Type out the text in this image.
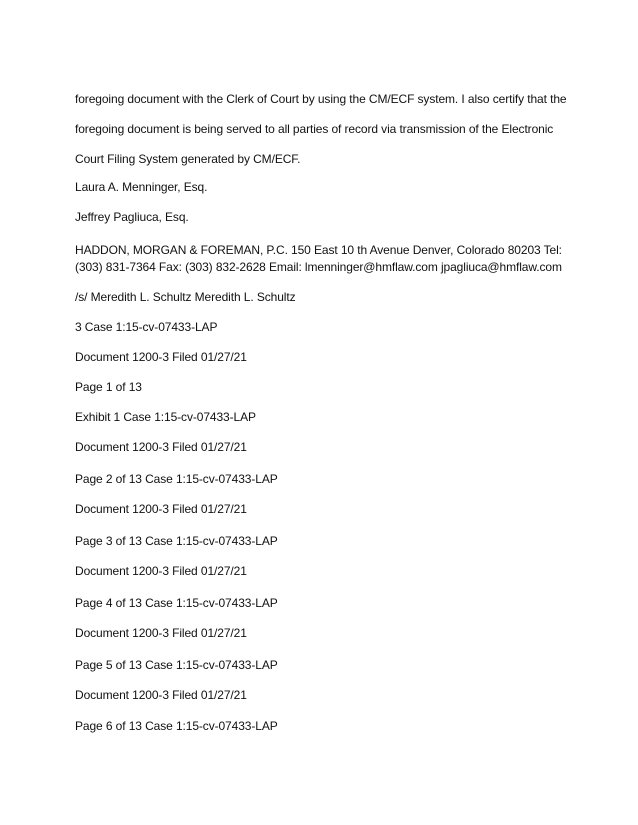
foregoing document with the Clerk of Court by using the CM/ECF system. I also certify that the
foregoing document is being served to all parties of record via transmission of the Electronic
Court Filing System generated by CM/ECF.
Laura A. Menninger, Esq.
Jeffrey Pagliuca, Esq.
HADDON, MORGAN & FOREMAN, P.C. 150 East 10 th Avenue Denver, Colorado 80203 Tel: (303) 831-7364 Fax: (303) 832-2628 Email: lmenninger@hmflaw.com jpagliuca@hmflaw.com
/s/ Meredith L. Schultz Meredith L. Schultz
3 Case 1:15-cv-07433-LAP
Document 1200-3 Filed 01/27/21
Page 1 of 13
Exhibit 1 Case 1:15-cv-07433-LAP
Document 1200-3 Filed 01/27/21
Page 2 of 13 Case 1:15-cv-07433-LAP
Document 1200-3 Filed 01/27/21
Page 3 of 13 Case 1:15-cv-07433-LAP
Document 1200-3 Filed 01/27/21
Page 4 of 13 Case 1:15-cv-07433-LAP
Document 1200-3 Filed 01/27/21
Page 5 of 13 Case 1:15-cv-07433-LAP
Document 1200-3 Filed 01/27/21
Page 6 of 13 Case 1:15-cv-07433-LAP
